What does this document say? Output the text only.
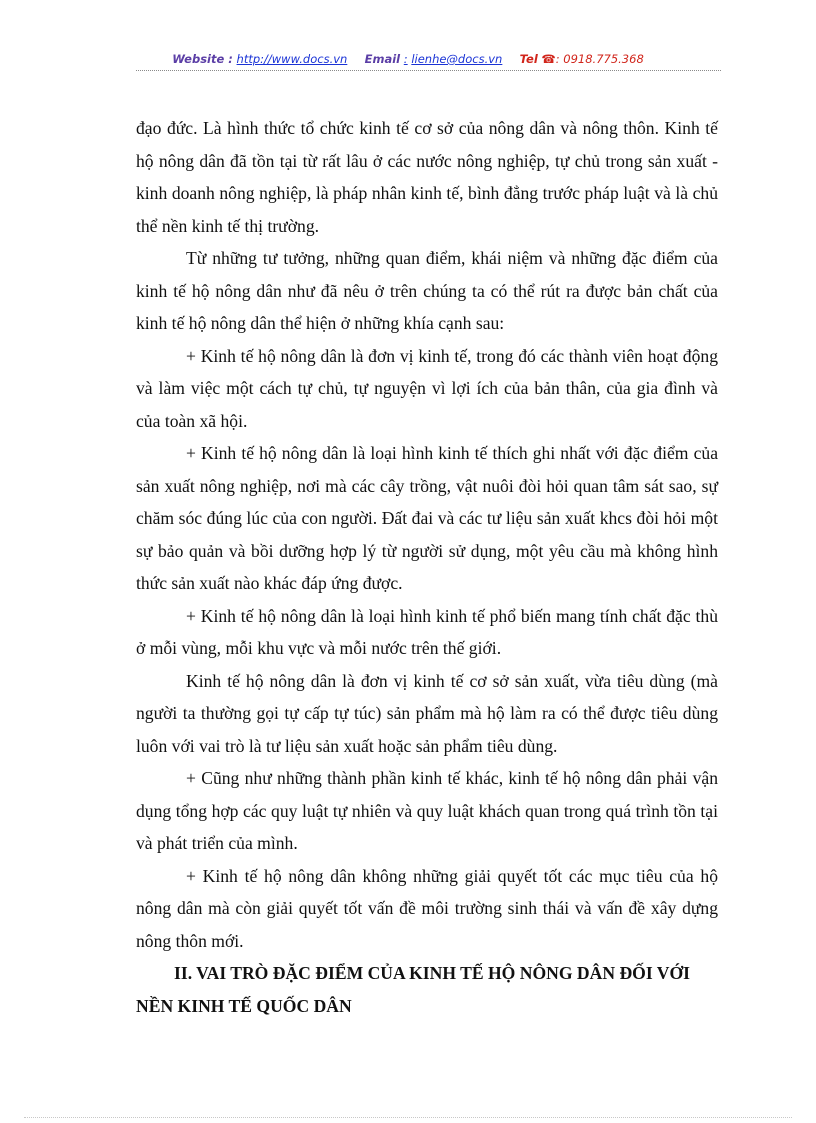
Website : http://www.docs.vn Email : lienhe@docs.vn Tel ☎: 0918.775.368

đạo đức. Là hình thức tổ chức kinh tế cơ sở của nông dân và nông thôn. Kinh tế hộ nông dân đã tồn tại từ rất lâu ở các nước nông nghiệp, tự chủ trong sản xuất - kinh doanh nông nghiệp, là pháp nhân kinh tế, bình đẳng trước pháp luật và là chủ thể nền kinh tế thị trường.

Từ những tư tưởng, những quan điểm, khái niệm và những đặc điểm của kinh tế hộ nông dân như đã nêu ở trên chúng ta có thể rút ra được bản chất của kinh tế hộ nông dân thể hiện ở những khía cạnh sau:

+ Kinh tế hộ nông dân là đơn vị kinh tế, trong đó các thành viên hoạt động và làm việc một cách tự chủ, tự nguyện vì lợi ích của bản thân, của gia đình và của toàn xã hội.

+ Kinh tế hộ nông dân là loại hình kinh tế thích ghi nhất với đặc điểm của sản xuất nông nghiệp, nơi mà các cây trồng, vật nuôi đòi hỏi quan tâm sát sao, sự chăm sóc đúng lúc của con người. Đất đai và các tư liệu sản xuất khcs đòi hỏi một sự bảo quản và bồi dưỡng hợp lý từ người sử dụng, một yêu cầu mà không hình thức sản xuất nào khác đáp ứng được.

+ Kinh tế hộ nông dân là loại hình kinh tế phổ biến mang tính chất đặc thù ở mỗi vùng, mỗi khu vực và mỗi nước trên thế giới.

Kinh tế hộ nông dân là đơn vị kinh tế cơ sở sản xuất, vừa tiêu dùng (mà người ta thường gọi tự cấp tự túc) sản phẩm mà hộ làm ra có thể được tiêu dùng luôn với vai trò là tư liệu sản xuất hoặc sản phẩm tiêu dùng.

+ Cũng như những thành phần kinh tế khác, kinh tế hộ nông dân phải vận dụng tổng hợp các quy luật tự nhiên và quy luật khách quan trong quá trình tồn tại và phát triển của mình.

+ Kinh tế hộ nông dân không những giải quyết tốt các mục tiêu của hộ nông dân mà còn giải quyết tốt vấn đề môi trường sinh thái và vấn đề xây dựng nông thôn mới.

II. VAI TRÒ ĐẶC ĐIỂM CỦA KINH TẾ HỘ NÔNG DÂN ĐỐI VỚI NỀN KINH TẾ QUỐC DÂN
